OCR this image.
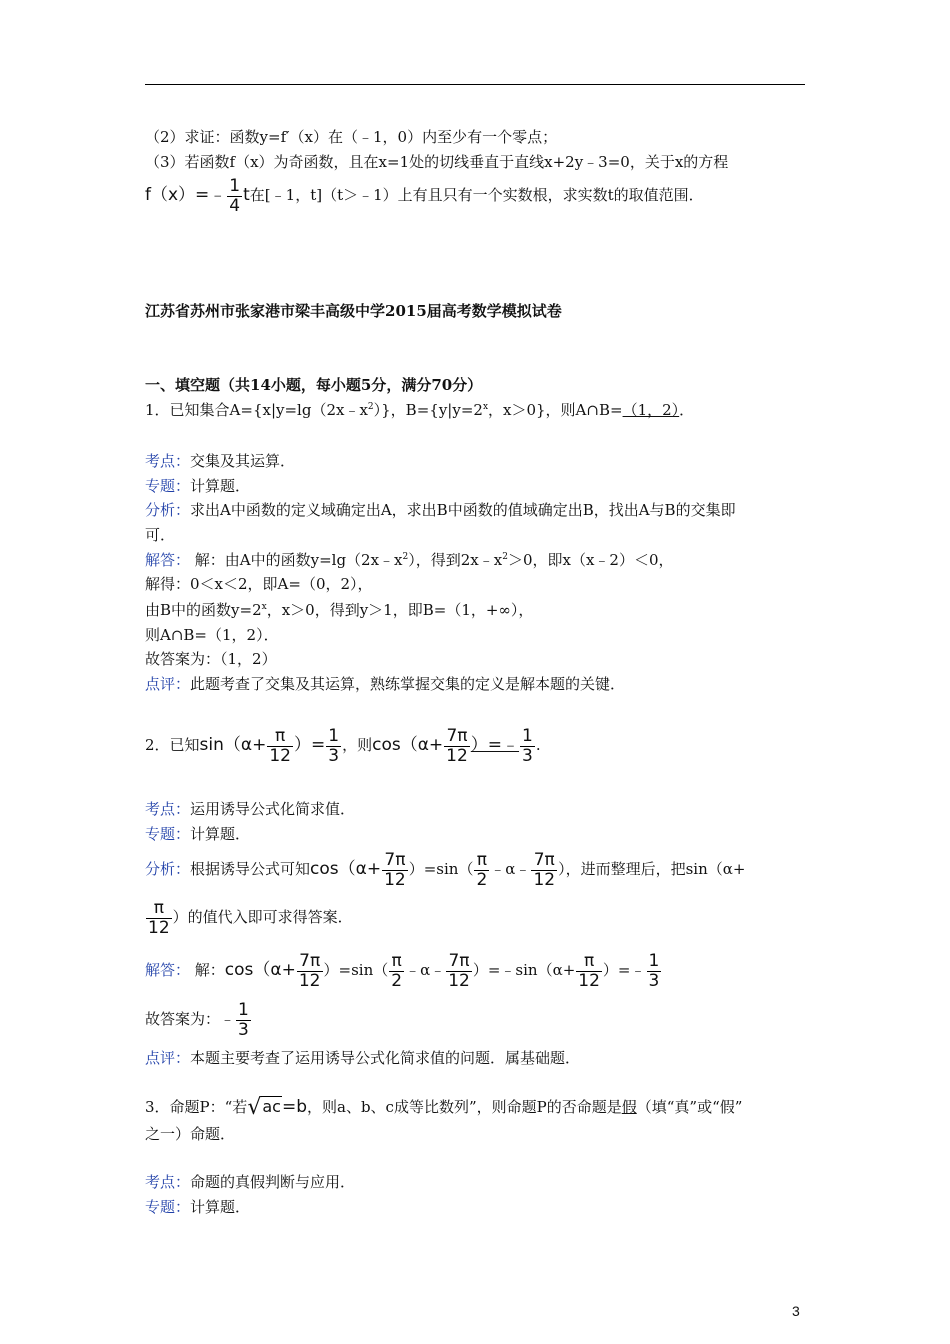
（2）求证：函数y=f′（x）在（﹣1，0）内至少有一个零点；
（3）若函数f（x）为奇函数，且在x=1处的切线垂直于直线x+2y﹣3=0，关于x的方程
f（x）=﹣ $\frac{1}{4}$ t在[﹣1，t]（t＞﹣1）上有且只有一个实数根，求实数t的取值范围．
江苏省苏州市张家港市梁丰高级中学2015届高考数学模拟试卷
一、填空题（共14小题，每小题5分，满分70分）
1．已知集合$A=\{x|y=\lg(2x﹣x^2)\}$，$B=\{y|y=2^x$，x＞0}，则A∩B=（1，2）．
考点：交集及其运算．
专题：计算题．
分析：求出A中函数的定义域确定出A，求出B中函数的值域确定出B，找出A与B的交集即
可．
解答： 解：由A中的函数$y=\lg(2x﹣x^2)$，得到$2x﹣x^2>0$，即x（x﹣2）＜0，
解得：0＜x＜2，即A=（0，2），
由B中的函数$y=2^x$，x＞0，得到y＞1，即B=（1，+∞），
则A∩B=（1，2）．
故答案为：（1，2）
点评：此题考查了交集及其运算，熟练掌握交集的定义是解本题的关键．
2．已知$\sin(\alpha+ \frac{\pi}{12}$ ）= $\frac{1}{3}$ ，则$\cos(\alpha+ \frac{7\pi}{12}$ ）=﹣ $\frac{1}{3}$ .
考点：运用诱导公式化简求值．
专题：计算题．
分析：根据诱导公式可知$\cos(\alpha+ \frac{7\pi}{12} )=\sin( \frac{\pi}{2}$ ﹣α﹣ $\frac{7\pi}{12}$ ），进而整理后，把sin（α+
$\frac{\pi}{12}$ ）的值代入即可求得答案．
解答： 解：$\cos(\alpha+ \frac{7\pi}{12} )=\sin( \frac{\pi}{2}$ ﹣α﹣ $\frac{7\pi}{12}$ ）=﹣sin（α+ $\frac{\pi}{12}$ ）=﹣ $\frac{1}{3}$
故答案为：﹣ $\frac{1}{3}$
点评：本题主要考查了运用诱导公式化简求值的问题．属基础题．
3．命题P：“若√ac=b，则a、b、c成等比数列”，则命题P的否命题是假（填“真”或“假”
之一）命题．
考点：命题的真假判断与应用．
专题：计算题．
3
